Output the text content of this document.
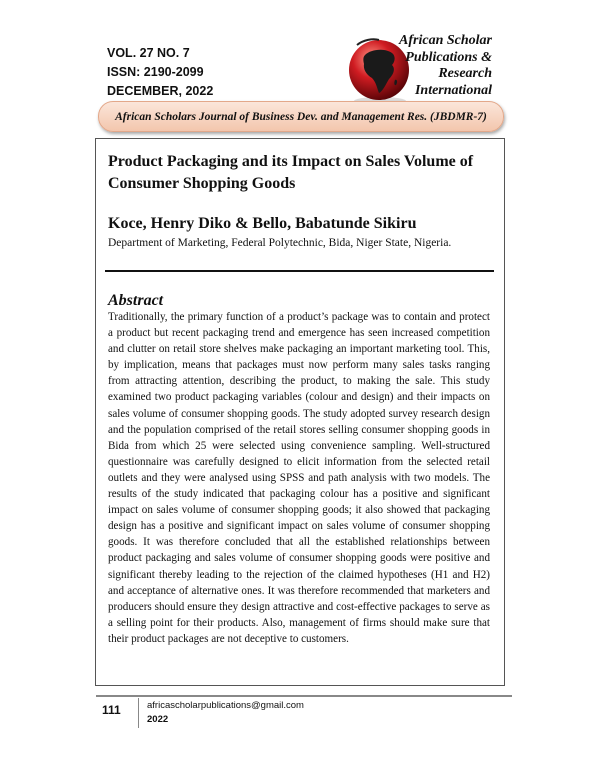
VOL. 27 NO. 7
ISSN: 2190-2099
DECEMBER, 2022
African Scholar
Publications &
Research
International
African Scholars Journal of Business Dev. and Management Res. (JBDMR-7)
Product Packaging and its Impact on Sales Volume of Consumer Shopping Goods
Koce, Henry Diko & Bello, Babatunde Sikiru
Department of Marketing, Federal Polytechnic, Bida, Niger State, Nigeria.
Abstract

Traditionally, the primary function of a product’s package was to contain and protect a product but recent packaging trend and emergence has seen increased competition and clutter on retail store shelves make packaging an important marketing tool. This, by implication, means that packages must now perform many sales tasks ranging from attracting attention, describing the product, to making the sale. This study examined two product packaging variables (colour and design) and their impacts on sales volume of consumer shopping goods. The study adopted survey research design and the population comprised of the retail stores selling consumer shopping goods in Bida from which 25 were selected using convenience sampling. Well-structured questionnaire was carefully designed to elicit information from the selected retail outlets and they were analysed using SPSS and path analysis with two models. The results of the study indicated that packaging colour has a positive and significant impact on sales volume of consumer shopping goods; it also showed that packaging design has a positive and significant impact on sales volume of consumer shopping goods. It was therefore concluded that all the established relationships between product packaging and sales volume of consumer shopping goods were positive and significant thereby leading to the rejection of the claimed hypotheses (H1 and H2) and acceptance of alternative ones. It was therefore recommended that marketers and producers should ensure they design attractive and cost-effective packages to serve as a selling point for their products. Also, management of firms should make sure that their product packages are not deceptive to customers.

111	africascholarpublications@gmail.com
2022
